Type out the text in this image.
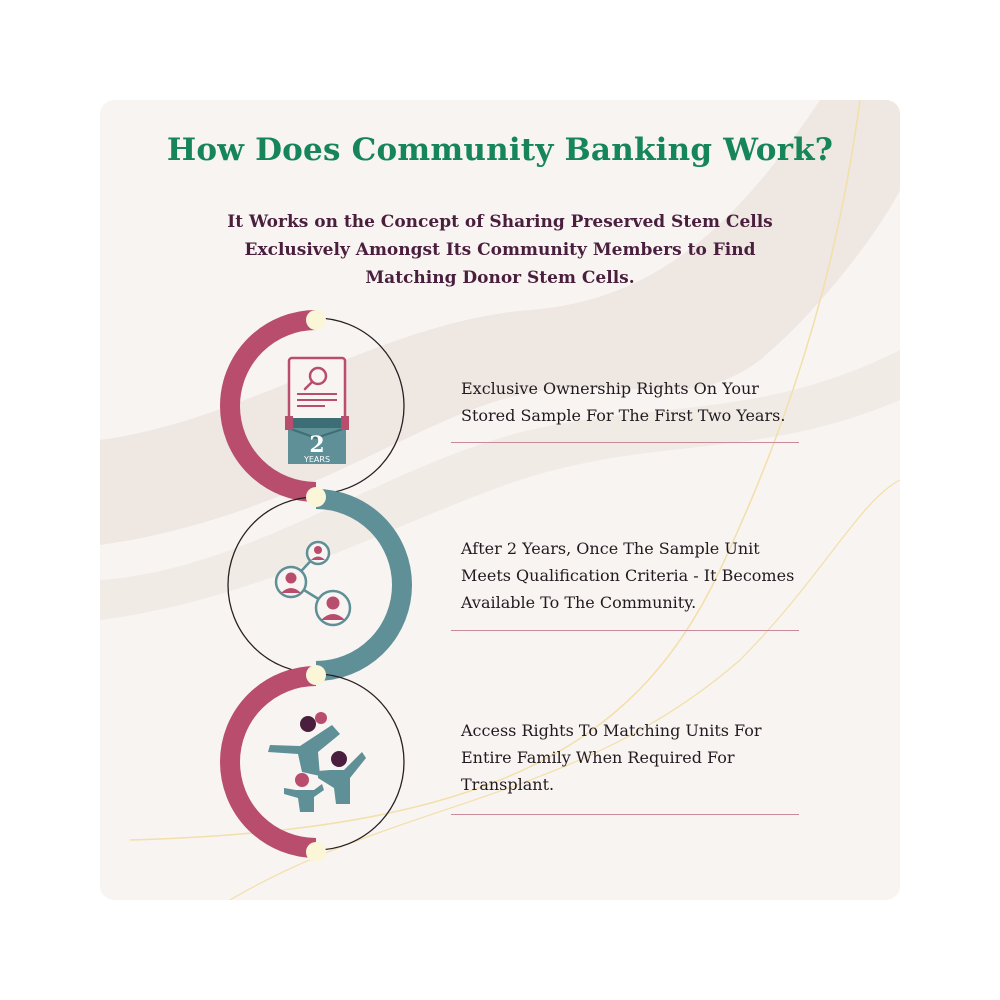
How Does Community Banking Work?
It Works on the Concept of Sharing Preserved Stem Cells
Exclusively Amongst Its Community Members to Find
Matching Donor Stem Cells.
2
YEARS
Exclusive Ownership Rights On Your
Stored Sample For The First Two Years.
After 2 Years, Once The Sample Unit
Meets Qualification Criteria - It Becomes
Available To The Community.
Access Rights To Matching Units For
Entire Family When Required For
Transplant.
